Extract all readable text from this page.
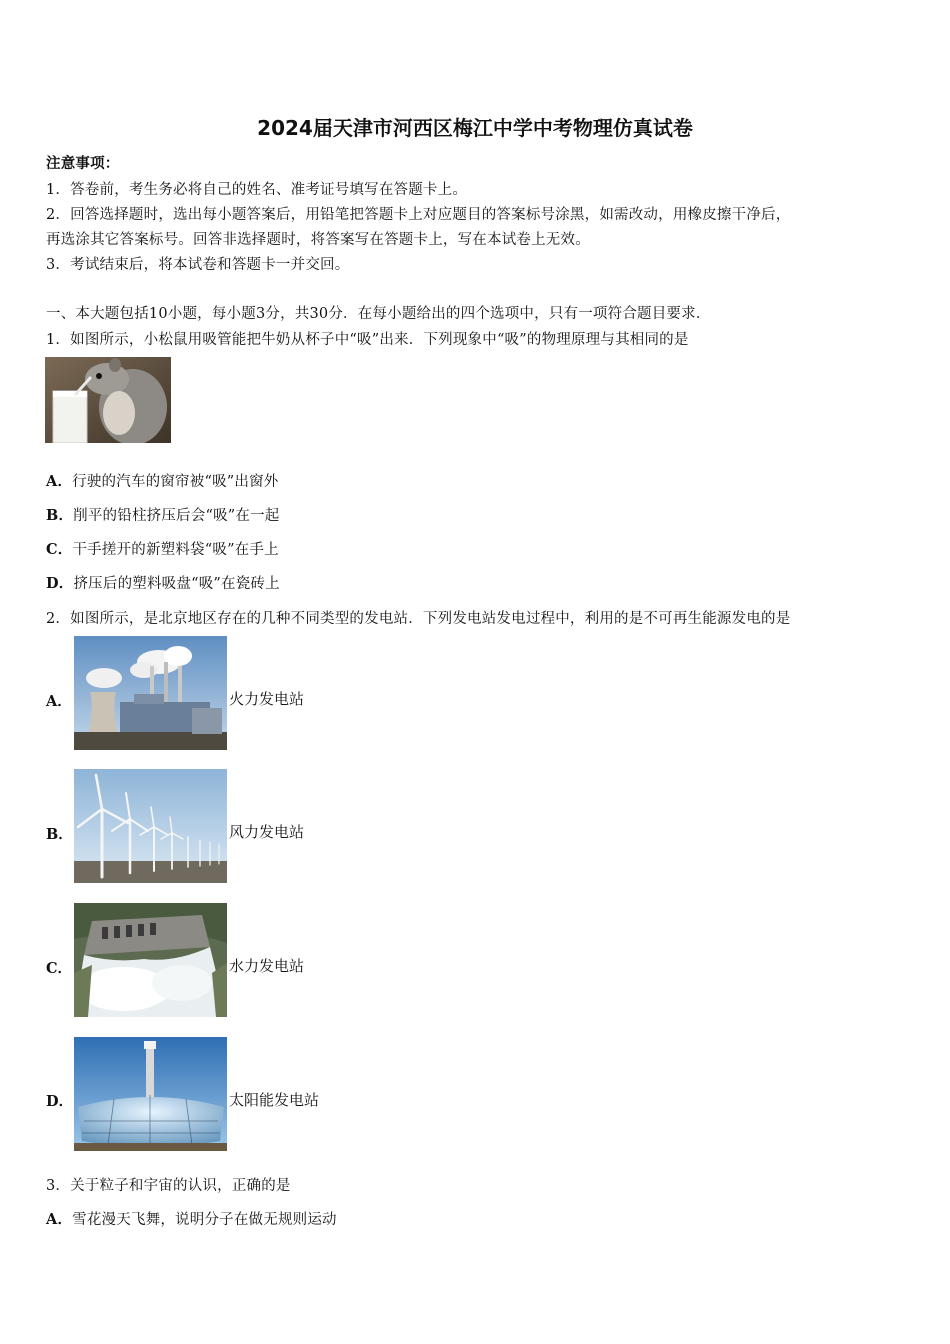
2024届天津市河西区梅江中学中考物理仿真试卷
注意事项：
1．答卷前，考生务必将自己的姓名、准考证号填写在答题卡上。
2．回答选择题时，选出每小题答案后，用铅笔把答题卡上对应题目的答案标号涂黑，如需改动，用橡皮擦干净后，
再选涂其它答案标号。回答非选择题时，将答案写在答题卡上，写在本试卷上无效。
3．考试结束后，将本试卷和答题卡一并交回。
一、本大题包括10小题，每小题3分，共30分．在每小题给出的四个选项中，只有一项符合题目要求．
1．如图所示，小松鼠用吸管能把牛奶从杯子中“吸”出来．下列现象中“吸”的物理原理与其相同的是
A．行驶的汽车的窗帘被“吸”出窗外
B．削平的铅柱挤压后会“吸”在一起
C．干手搓开的新塑料袋“吸”在手上
D．挤压后的塑料吸盘“吸”在瓷砖上
2．如图所示，是北京地区存在的几种不同类型的发电站．下列发电站发电过程中，利用的是不可再生能源发电的是
A．	火力发电站
B．	风力发电站
C．	水力发电站
D．	太阳能发电站
3．关于粒子和宇宙的认识，正确的是
A．雪花漫天飞舞，说明分子在做无规则运动
